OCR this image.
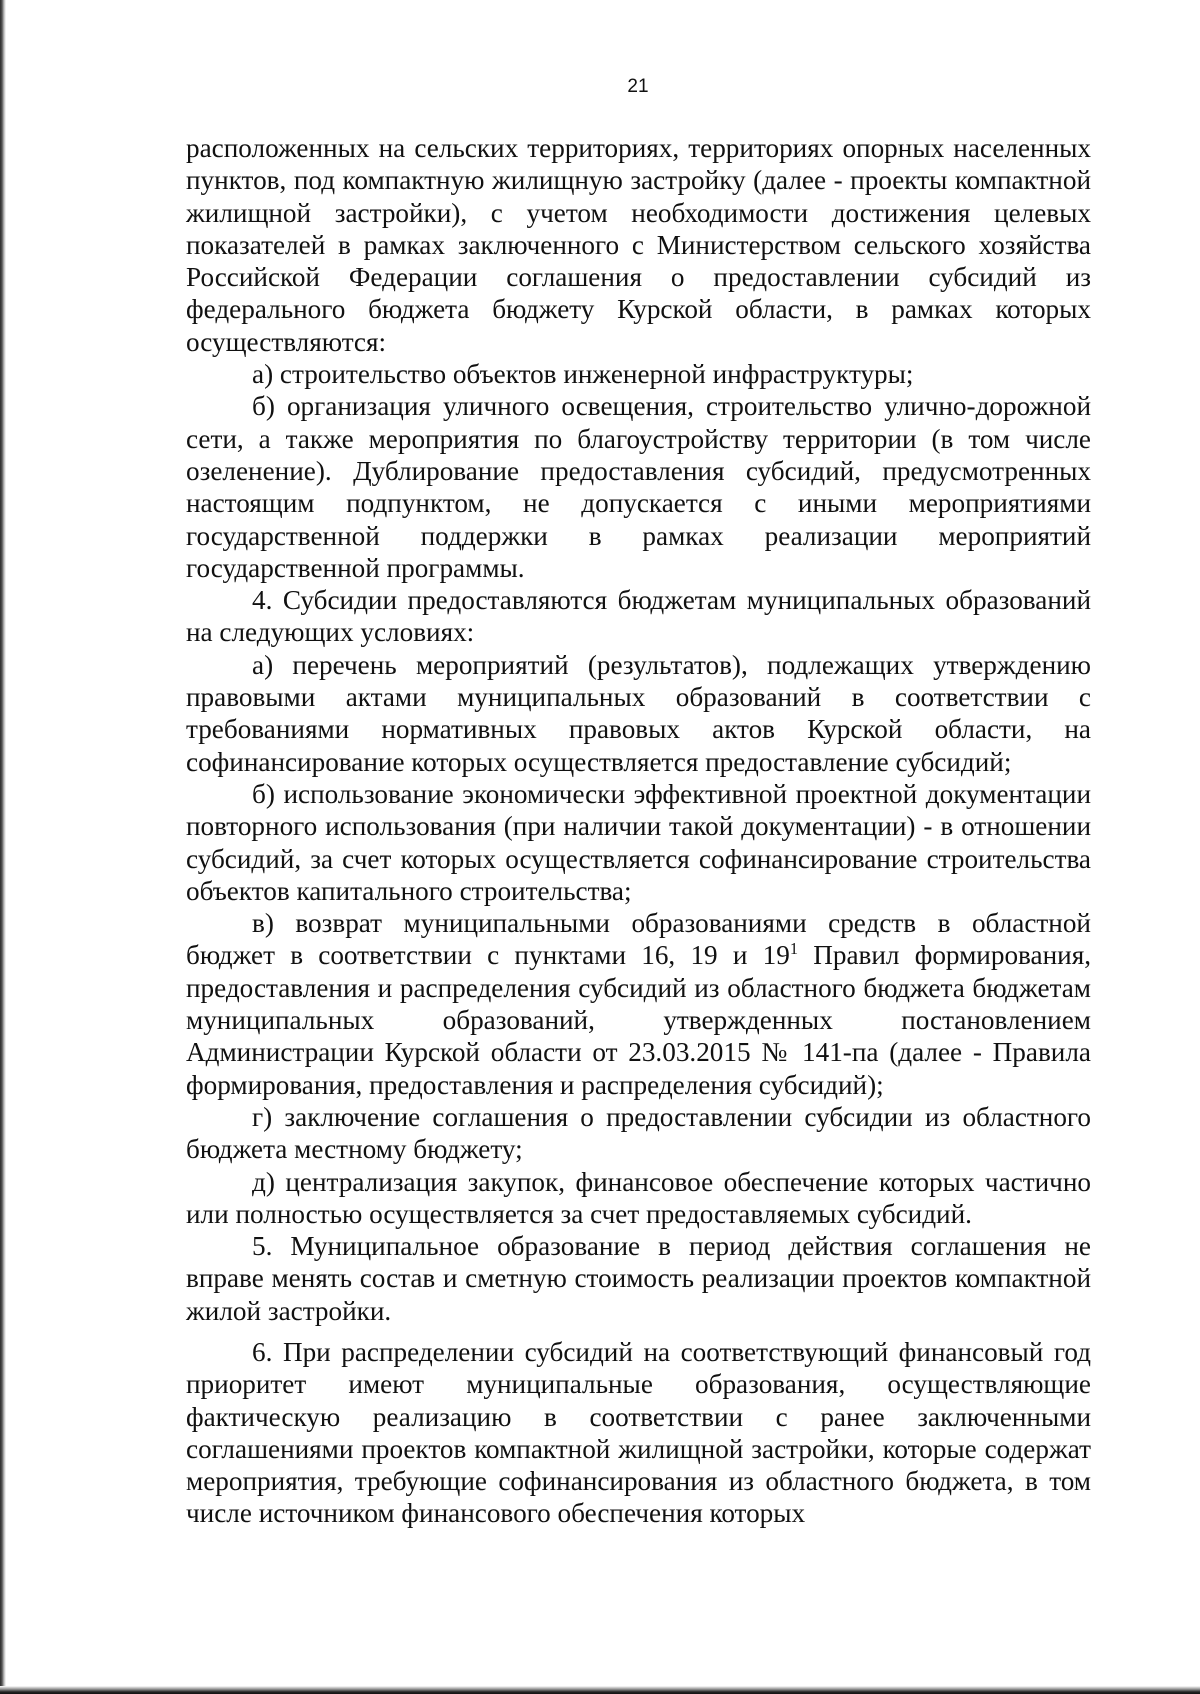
21

расположенных на сельских территориях, территориях опорных населенных пунктов, под компактную жилищную застройку (далее - проекты компактной жилищной застройки), с учетом необходимости достижения целевых показателей в рамках заключенного с Министерством сельского хозяйства Российской Федерации соглашения о предоставлении субсидий из федерального бюджета бюджету Курской области, в рамках которых осуществляются:

а) строительство объектов инженерной инфраструктуры;

б) организация уличного освещения, строительство улично-дорожной сети, а также мероприятия по благоустройству территории (в том числе озеленение). Дублирование предоставления субсидий, предусмотренных настоящим подпунктом, не допускается с иными мероприятиями государственной поддержки в рамках реализации мероприятий государственной программы.

4. Субсидии предоставляются бюджетам муниципальных образований на следующих условиях:

а) перечень мероприятий (результатов), подлежащих утверждению правовыми актами муниципальных образований в соответствии с требованиями нормативных правовых актов Курской области, на софинансирование которых осуществляется предоставление субсидий;

б) использование экономически эффективной проектной документации повторного использования (при наличии такой документации) - в отношении субсидий, за счет которых осуществляется софинансирование строительства объектов капитального строительства;

в) возврат муниципальными образованиями средств в областной бюджет в соответствии с пунктами 16, 19 и $19^1$ Правил формирования, предоставления и распределения субсидий из областного бюджета бюджетам муниципальных образований, утвержденных постановлением Администрации Курской области от 23.03.2015 № 141-па (далее - Правила формирования, предоставления и распределения субсидий);

г) заключение соглашения о предоставлении субсидии из областного бюджета местному бюджету;

д) централизация закупок, финансовое обеспечение которых частично или полностью осуществляется за счет предоставляемых субсидий.

5. Муниципальное образование в период действия соглашения не вправе менять состав и сметную стоимость реализации проектов компактной жилой застройки.

6. При распределении субсидий на соответствующий финансовый год приоритет имеют муниципальные образования, осуществляющие фактическую реализацию в соответствии с ранее заключенными соглашениями проектов компактной жилищной застройки, которые содержат мероприятия, требующие софинансирования из областного бюджета, в том числе источником финансового обеспечения которых
